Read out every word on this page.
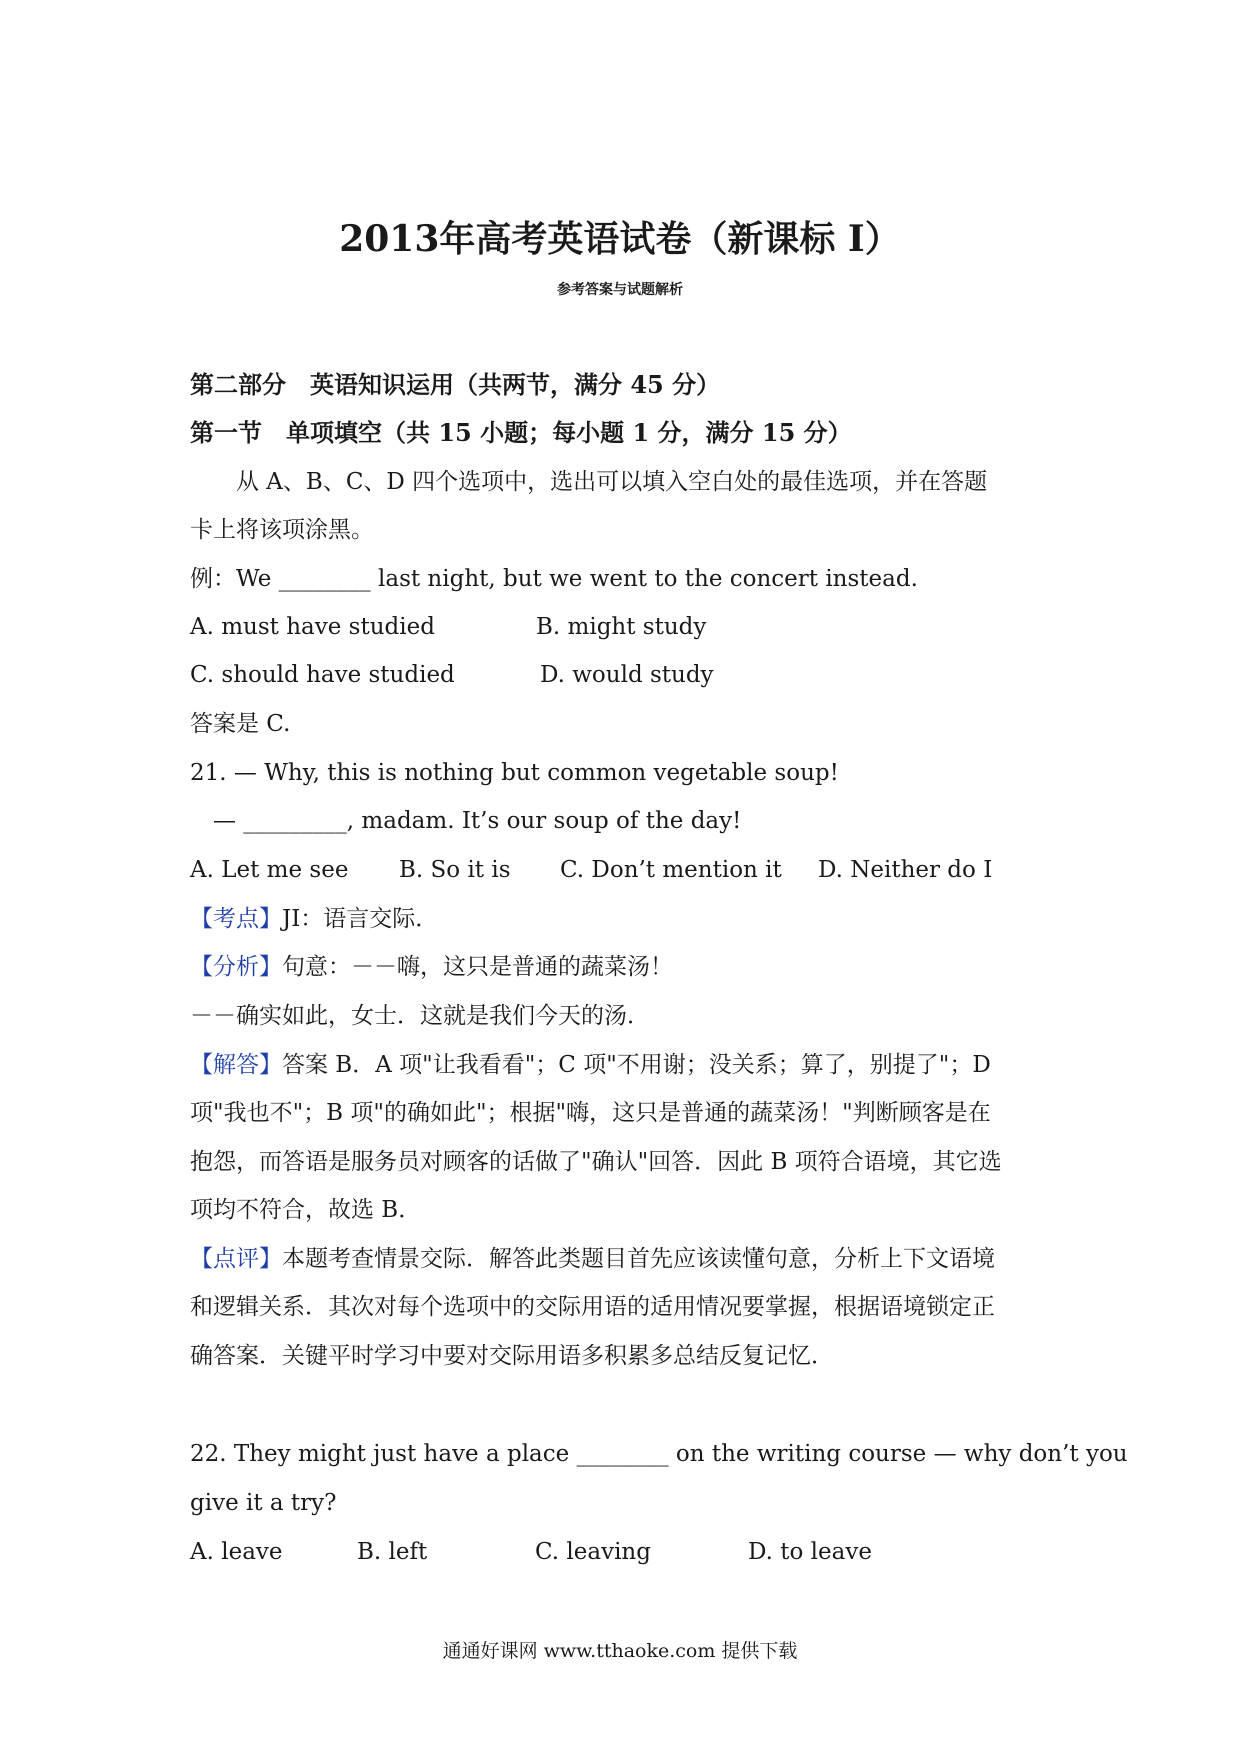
2013年高考英语试卷（新课标 I）
参考答案与试题解析
第二部分　英语知识运用（共两节，满分 45 分）
第一节　单项填空（共 15 小题；每小题 1 分，满分 15 分）
　　从 A、B、C、D 四个选项中，选出可以填入空白处的最佳选项，并在答题
卡上将该项涂黑。
例：We ________ last night, but we went to the concert instead.
A. must have studied	B. might study
C. should have studied	D. would study
答案是 C.
21. — Why, this is nothing but common vegetable soup!
　— _________, madam. It’s our soup of the day!
A. Let me see B. So it is C. Don’t mention it D. Neither do I
【考点】JI：语言交际．
【分析】句意：－－嗨，这只是普通的蔬菜汤！
－－确实如此，女士．这就是我们今天的汤．
【解答】答案 B．A 项"让我看看"；C 项"不用谢；没关系；算了，别提了"；D
项"我也不"；B 项"的确如此"；根据"嗨，这只是普通的蔬菜汤！"判断顾客是在
抱怨，而答语是服务员对顾客的话做了"确认"回答．因此 B 项符合语境，其它选
项均不符合，故选 B．
【点评】本题考查情景交际．解答此类题目首先应该读懂句意，分析上下文语境
和逻辑关系．其次对每个选项中的交际用语的适用情况要掌握，根据语境锁定正
确答案．关键平时学习中要对交际用语多积累多总结反复记忆．
22. They might just have a place ________ on the writing course — why don’t you
give it a try?
A. leave	B. left	C. leaving	D. to leave
通通好课网 www.tthaoke.com 提供下载
